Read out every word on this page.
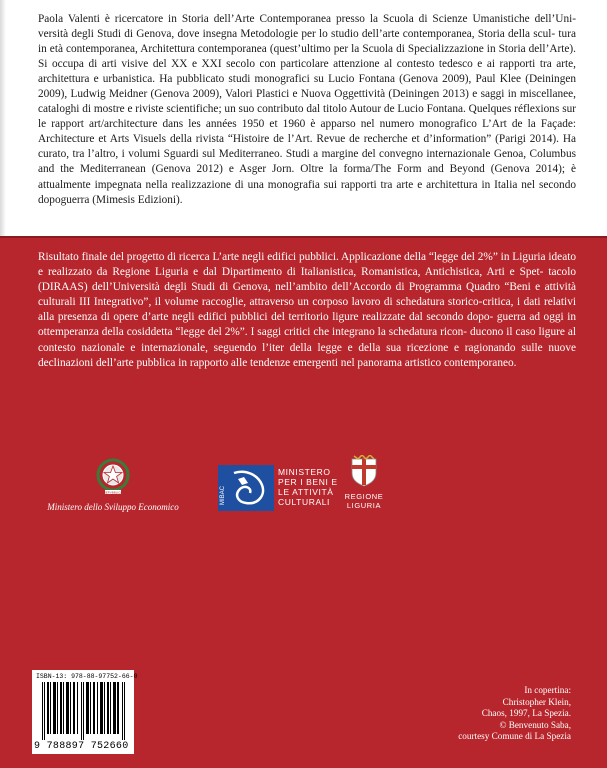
Paola Valenti è ricercatore in Storia dell’Arte Contemporanea presso la Scuola di Scienze Umanistiche dell’Uni- versità degli Studi di Genova, dove insegna Metodologie per lo studio dell’arte contemporanea, Storia della scul- tura in età contemporanea, Architettura contemporanea (quest’ultimo per la Scuola di Specializzazione in Storia dell’Arte). Si occupa di arti visive del XX e XXI secolo con particolare attenzione al contesto tedesco e ai rapporti tra arte, architettura e urbanistica. Ha pubblicato studi monografici su Lucio Fontana (Genova 2009), Paul Klee (Deiningen 2009), Ludwig Meidner (Genova 2009), Valori Plastici e Nuova Oggettività (Deiningen 2013) e saggi in miscellanee, cataloghi di mostre e riviste scientifiche; un suo contributo dal titolo Autour de Lucio Fontana. Quelques réflexions sur le rapport art/architecture dans les années 1950 et 1960 è apparso nel numero monografico L’Art de la Façade: Architecture et Arts Visuels della rivista “Histoire de l’Art. Revue de recherche et d’information” (Parigi 2014). Ha curato, tra l’altro, i volumi Sguardi sul Mediterraneo. Studi a margine del convegno internazionale Genoa, Columbus and the Mediterranean (Genova 2012) e Asger Jorn. Oltre la forma/The Form and Beyond (Genova 2014); è attualmente impegnata nella realizzazione di una monografia sui rapporti tra arte e architettura in Italia nel secondo dopoguerra (Mimesis Edizioni).

Risultato finale del progetto di ricerca L’arte negli edifici pubblici. Applicazione della “legge del 2%” in Liguria ideato e realizzato da Regione Liguria e dal Dipartimento di Italianistica, Romanistica, Antichistica, Arti e Spet- tacolo (DIRAAS) dell’Università degli Studi di Genova, nell’ambito dell’Accordo di Programma Quadro “Beni e attività culturali III Integrativo”, il volume raccoglie, attraverso un corposo lavoro di schedatura storico-critica, i dati relativi alla presenza di opere d’arte negli edifici pubblici del territorio ligure realizzate dal secondo dopo- guerra ad oggi in ottemperanza della cosiddetta “legge del 2%”. I saggi critici che integrano la schedatura ricon- ducono il caso ligure al contesto nazionale e internazionale, seguendo l’iter della legge e della sua ricezione e ragionando sulle nuove declinazioni dell’arte pubblica in rapporto alle tendenze emergenti nel panorama artistico contemporaneo.

REPVBBLICA
Ministero dello Sviluppo Economico
MIBAC
MINISTERO
PER I BENI E
LE ATTIVITÀ
CULTURALI
REGIONE
LIGURIA
ISBN-13: 978-88-97752-66-0
9 788897 752660
In copertina:
Christopher Klein,
Chaos, 1997, La Spezia.
© Benvenuto Saba,
courtesy Comune di La Spezia
